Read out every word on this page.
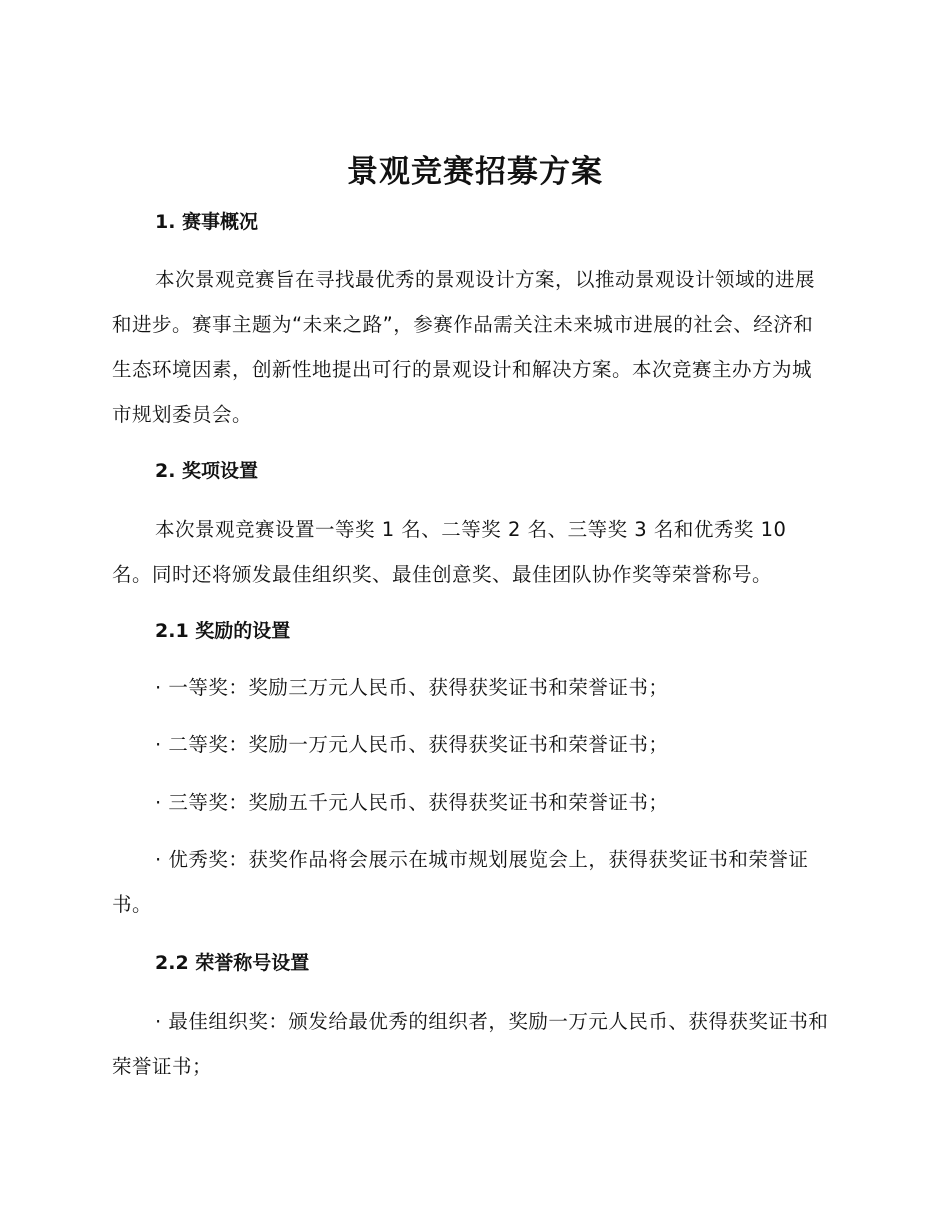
景观竞赛招募方案
1. 赛事概况

本次景观竞赛旨在寻找最优秀的景观设计方案，以推动景观设计领域的进展和进步。赛事主题为“未来之路”，参赛作品需关注未来城市进展的社会、经济和生态环境因素，创新性地提出可行的景观设计和解决方案。本次竞赛主办方为城市规划委员会。

2. 奖项设置

本次景观竞赛设置一等奖 1 名、二等奖 2 名、三等奖 3 名和优秀奖 10 名。同时还将颁发最佳组织奖、最佳创意奖、最佳团队协作奖等荣誉称号。

2.1 奖励的设置

· 一等奖：奖励三万元人民币、获得获奖证书和荣誉证书；

· 二等奖：奖励一万元人民币、获得获奖证书和荣誉证书；

· 三等奖：奖励五千元人民币、获得获奖证书和荣誉证书；

· 优秀奖：获奖作品将会展示在城市规划展览会上，获得获奖证书和荣誉证书。

2.2 荣誉称号设置

· 最佳组织奖：颁发给最优秀的组织者，奖励一万元人民币、获得获奖证书和荣誉证书；
